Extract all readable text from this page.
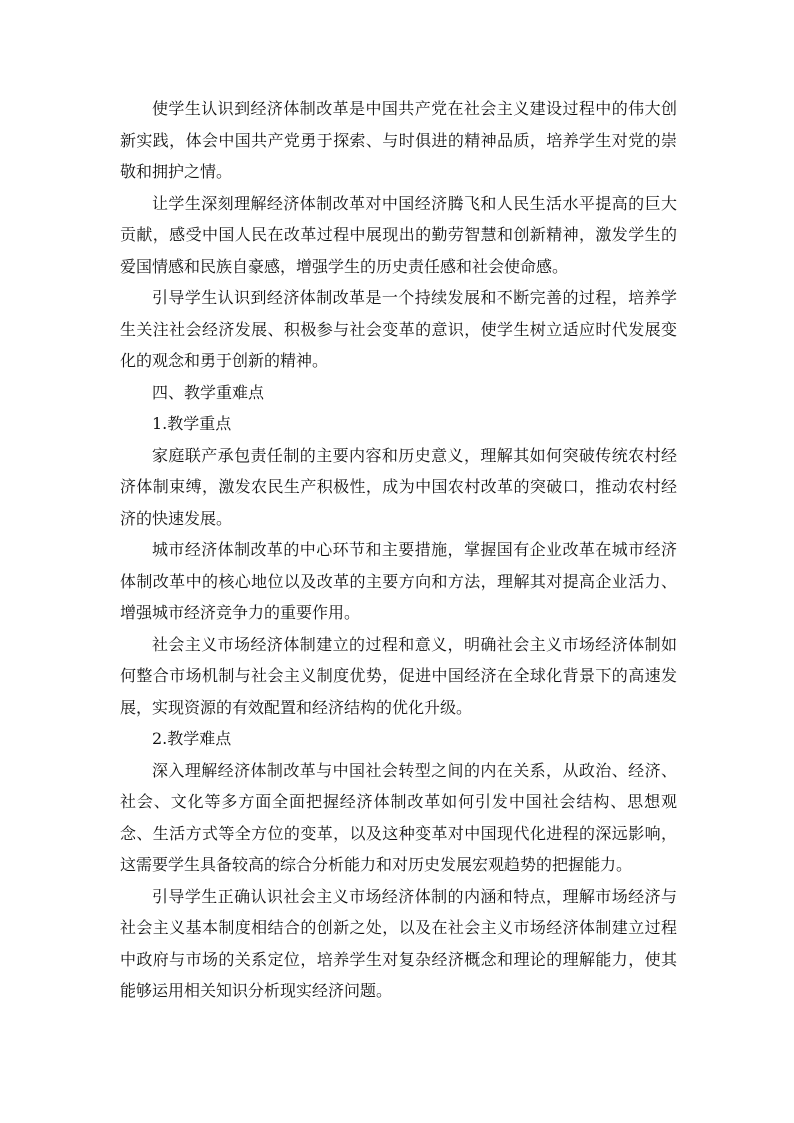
使学生认识到经济体制改革是中国共产党在社会主义建设过程中的伟大创新实践，体会中国共产党勇于探索、与时俱进的精神品质，培养学生对党的崇敬和拥护之情。

让学生深刻理解经济体制改革对中国经济腾飞和人民生活水平提高的巨大贡献，感受中国人民在改革过程中展现出的勤劳智慧和创新精神，激发学生的爱国情感和民族自豪感，增强学生的历史责任感和社会使命感。

引导学生认识到经济体制改革是一个持续发展和不断完善的过程，培养学生关注社会经济发展、积极参与社会变革的意识，使学生树立适应时代发展变化的观念和勇于创新的精神。

四、教学重难点

1.教学重点

家庭联产承包责任制的主要内容和历史意义，理解其如何突破传统农村经济体制束缚，激发农民生产积极性，成为中国农村改革的突破口，推动农村经济的快速发展。

城市经济体制改革的中心环节和主要措施，掌握国有企业改革在城市经济体制改革中的核心地位以及改革的主要方向和方法，理解其对提高企业活力、增强城市经济竞争力的重要作用。

社会主义市场经济体制建立的过程和意义，明确社会主义市场经济体制如何整合市场机制与社会主义制度优势，促进中国经济在全球化背景下的高速发展，实现资源的有效配置和经济结构的优化升级。

2.教学难点

深入理解经济体制改革与中国社会转型之间的内在关系，从政治、经济、社会、文化等多方面全面把握经济体制改革如何引发中国社会结构、思想观念、生活方式等全方位的变革，以及这种变革对中国现代化进程的深远影响，这需要学生具备较高的综合分析能力和对历史发展宏观趋势的把握能力。

引导学生正确认识社会主义市场经济体制的内涵和特点，理解市场经济与社会主义基本制度相结合的创新之处，以及在社会主义市场经济体制建立过程中政府与市场的关系定位，培养学生对复杂经济概念和理论的理解能力，使其能够运用相关知识分析现实经济问题。
